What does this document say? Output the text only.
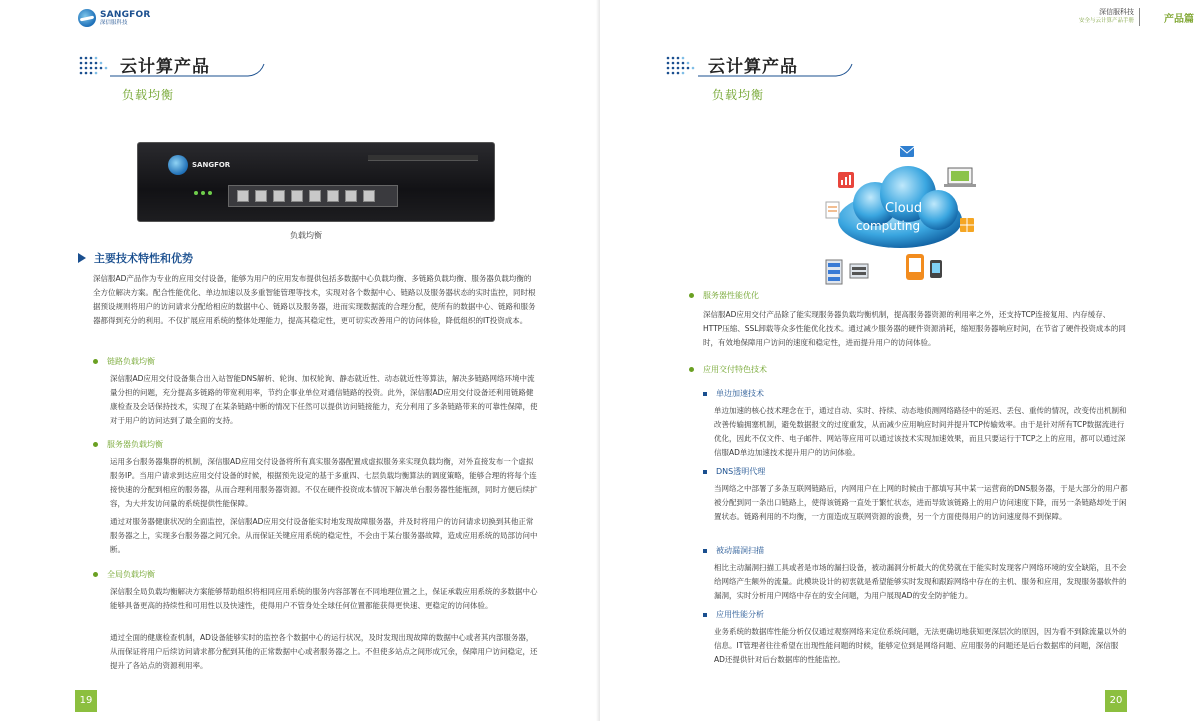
SANGFOR
深信服科技
云计算产品
负载均衡
SANGFOR
负载均衡
主要技术特性和优势
深信服AD产品作为专业的应用交付设备，能够为用户的应用发布提供包括多数据中心负载均衡、多链路负载均衡、服务器负载均衡的全方位解决方案。配合性能优化、单边加速以及多重智能管理等技术，实现对各个数据中心、链路以及服务器状态的实时监控，同时根据预设规则将用户的访问请求分配给相应的数据中心、链路以及服务器，进而实现数据流的合理分配，使所有的数据中心、链路和服务器都得到充分的利用。不仅扩展应用系统的整体处理能力，提高其稳定性，更可切实改善用户的访问体验，降低组织的IT投资成本。
链路负载均衡
深信服AD应用交付设备集合出入站智能DNS解析、轮询、加权轮询、静态就近性、动态就近性等算法，解决多链路网络环境中流量分担的问题，充分提高多链路的带宽利用率，节约企事业单位对通信链路的投资。此外，深信服AD应用交付设备还利用链路健康检查及会话保持技术，实现了在某条链路中断的情况下任然可以提供访问链接能力，充分利用了多条链路带来的可靠性保障，使对于用户的访问达到了最全面的支持。
服务器负载均衡
运用多台服务器集群的机制，深信服AD应用交付设备将所有真实服务器配置成虚拟服务来实现负载均衡，对外直接发布一个虚拟服务IP。当用户请求到达应用交付设备的时候，根据预先设定的基于多重四、七层负载均衡算法的调度策略，能够合理的将每个连接快速的分配到相应的服务器，从而合理利用服务器资源。不仅在硬件投资成本情况下解决单台服务器性能瓶颈，同时方便后续扩容，为大并发访问量的系统提供性能保障。
通过对服务器健康状况的全面监控，深信服AD应用交付设备能实时地发现故障服务器，并及时将用户的访问请求切换到其他正常服务器之上，实现多台服务器之间冗余。从而保证关键应用系统的稳定性，不会由于某台服务器故障，造成应用系统的局部访问中断。
全局负载均衡
深信服全局负载均衡解决方案能够帮助组织将相同应用系统的服务内容部署在不同地理位置之上，保证承载应用系统的多数据中心能够具备更高的持续性和可用性以及快速性，使得用户不管身处全球任何位置都能获得更快速、更稳定的访问体验。
通过全面的健康检查机制，AD设备能够实时的监控各个数据中心的运行状况，及时发现出现故障的数据中心或者其内部服务器，从而保证将用户后续访问请求都分配到其他的正常数据中心或者服务器之上。不但使多站点之间形成冗余，保障用户访问稳定，还提升了各站点的资源利用率。
19
深信服科技
安全与云计算产品手册	产品篇
云计算产品
负载均衡
Cloud
computing
服务器性能优化
深信服AD应用交付产品除了能实现服务器负载均衡机制，提高服务器资源的利用率之外，还支持TCP连接复用、内存缓存、HTTP压缩、SSL卸载等众多性能优化技术。通过减少服务器的硬件资源消耗，缩短服务器响应时间，在节省了硬件投资成本的同时，有效地保障用户访问的速度和稳定性，进而提升用户的访问体验。
应用交付特色技术
单边加速技术
单边加速的核心技术理念在于，通过自动、实时、持续、动态地侦测网络路径中的延迟、丢包、重传的情况，改变传出机制和改善传输拥塞机制，避免数据报文的过度重发，从而减少应用响应时间并提升TCP传输效率。由于是针对所有TCP数据流进行优化，因此不仅文件、电子邮件、网站等应用可以通过该技术实现加速效果，而且只要运行于TCP之上的应用，都可以通过深信服AD单边加速技术提升用户的访问体验。
DNS透明代理
当网络之中部署了多条互联网链路后，内网用户在上网的时候由于都填写其中某一运营商的DNS服务器，于是大部分的用户都被分配到同一条出口链路上，使得该链路一直处于繁忙状态，进而导致该链路上的用户访问速度下降，而另一条链路却处于闲置状态。链路利用的不均衡，一方面造成互联网资源的浪费，另一个方面使得用户的访问速度得不到保障。
被动漏洞扫描
相比主动漏洞扫描工具或者是市场的漏扫设备，被动漏洞分析最大的优势就在于能实时发现客户网络环境的安全缺陷，且不会给网络产生额外的流量。此模块设计的初衷就是希望能够实时发现和跟踪网络中存在的主机、服务和应用，发现服务器软件的漏洞，实时分析用户网络中存在的安全问题，为用户展现AD的安全防护能力。
应用性能分析
业务系统的数据库性能分析仅仅通过观察网络来定位系统问题，无法更确切地获知更深层次的原因，因为看不到除流量以外的信息。IT管理者往往希望在出现性能问题的时候，能够定位到是网络问题、应用服务的问题还是后台数据库的问题，深信服AD还提供针对后台数据库的性能监控。
20
